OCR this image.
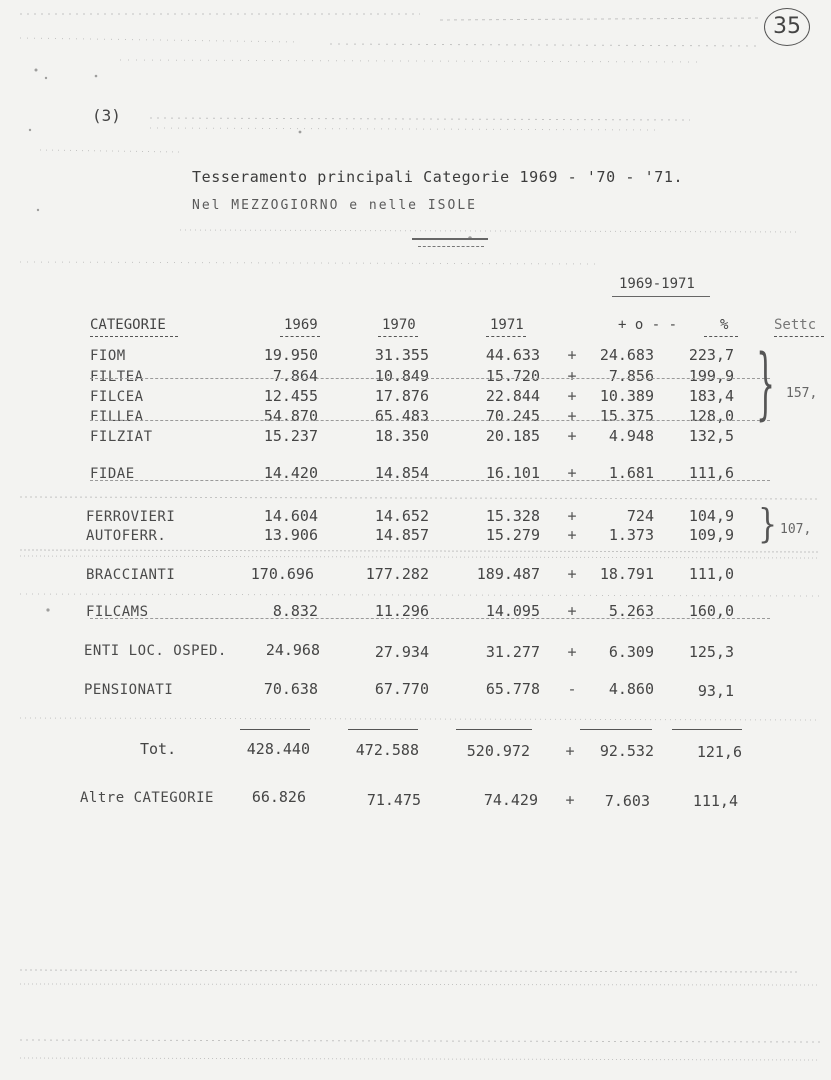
35
(3)
Tesseramento principali Categorie 1969 - '70 - '71.
Nel MEZZOGIORNO e nelle ISOLE
1969-1971
CATEGORIE	1969	1970	1971	+ o - -	%	Settc
FIOM	19.950	31.355	44.633 +	24.683	223,7
FILTEA	7.864	10.849	15.720 +	7.856	199,9
FILCEA	12.455	17.876	22.844 +	10.389	183,4
FILLEA	54.870	65.483	70.245 +	15.375	128,0
FILZIAT	15.237	18.350	20.185 +	4.948	132,5
FIDAE	14.420	14.854	16.101 +	1.681	111,6
FERROVIERI	14.604	14.652	15.328 +	724	104,9
AUTOFERR.	13.906	14.857	15.279 +	1.373	109,9
BRACCIANTI	170.696	177.282	189.487 +	18.791	111,0
FILCAMS	8.832	11.296	14.095 +	5.263	160,0
ENTI LOC. OSPED.	24.968	27.934	31.277 +	6.309	125,3
PENSIONATI	70.638	67.770	65.778 -	4.860	93,1
} 157,
} 107,
Tot.	428.440	472.588	520.972 +	92.532	121,6
Altre CATEGORIE	66.826	71.475	74.429 +	7.603	111,4
